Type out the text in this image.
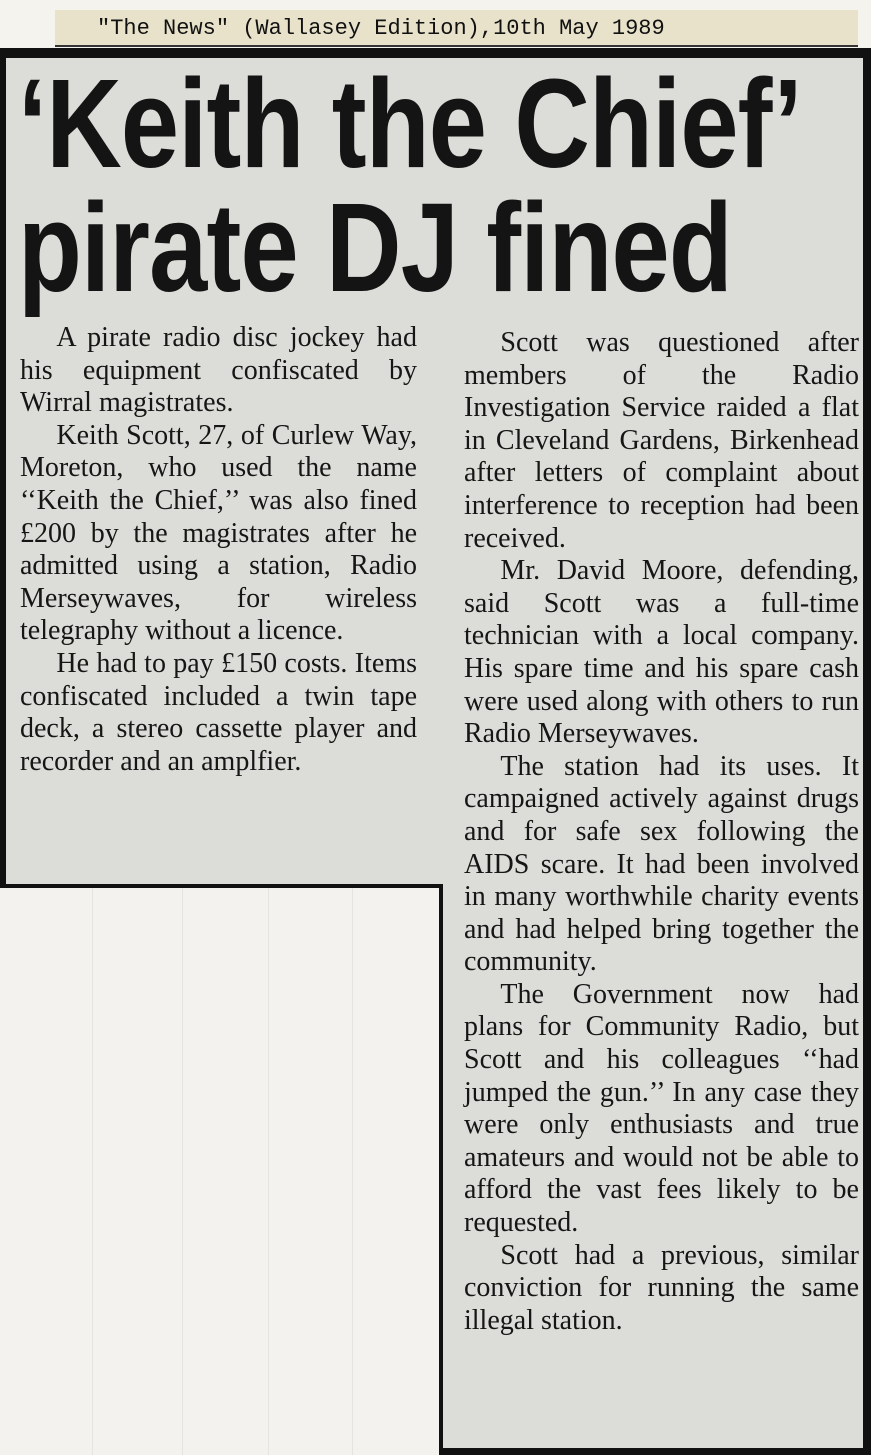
"The News" (Wallasey Edition),10th May 1989
‘Keith the Chief’
pirate DJ fined

A pirate radio disc jockey had his equipment confiscated by Wirral magistrates.

Keith Scott, 27, of Curlew Way, Moreton, who used the name ‘‘Keith the Chief,’’ was also fined £200 by the magistrates after he admitted using a station, Radio Merseywaves, for wireless telegraphy without a licence.

He had to pay £150 costs. Items confiscated included a twin tape deck, a stereo cassette player and recorder and an amplfier.

Scott was questioned after members of the Radio Investigation Service raided a flat in Cleveland Gardens, Birkenhead after letters of complaint about interference to reception had been received.

Mr. David Moore, defending, said Scott was a full-time technician with a local company. His spare time and his spare cash were used along with others to run Radio Merseywaves.

The station had its uses. It campaigned actively against drugs and for safe sex following the AIDS scare. It had been involved in many worthwhile charity events and had helped bring together the community.

The Government now had plans for Community Radio, but Scott and his colleagues ‘‘had jumped the gun.’’ In any case they were only enthusiasts and true amateurs and would not be able to afford the vast fees likely to be requested.

Scott had a previous, similar conviction for running the same illegal station.
